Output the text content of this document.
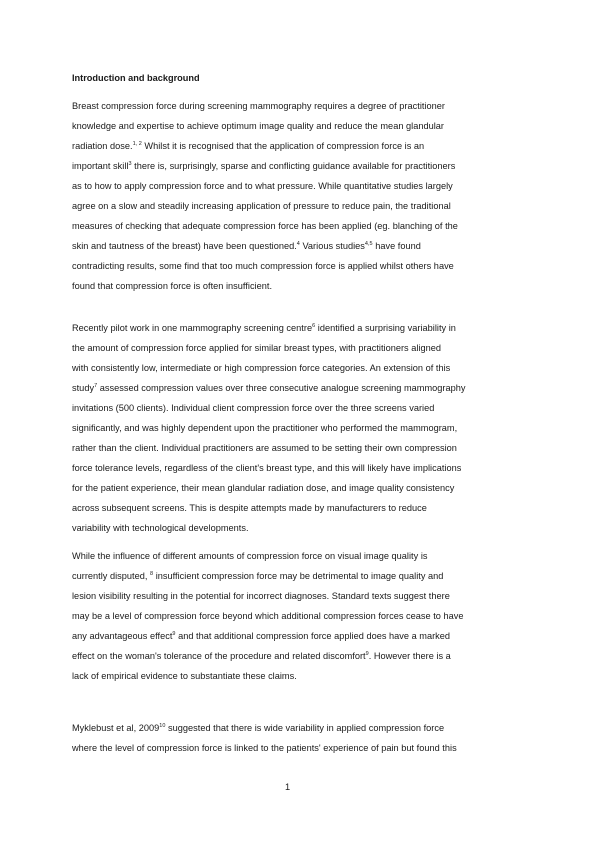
Introduction and background
Breast compression force during screening mammography requires a degree of practitioner
knowledge and expertise to achieve optimum image quality and reduce the mean glandular
radiation dose.$^{1, 2}$ Whilst it is recognised that the application of compression force is an
important skill$^3$ there is, surprisingly, sparse and conflicting guidance available for practitioners
as to how to apply compression force and to what pressure. While quantitative studies largely
agree on a slow and steadily increasing application of pressure to reduce pain, the traditional
measures of checking that adequate compression force has been applied (eg. blanching of the
skin and tautness of the breast) have been questioned.$^4$ Various studies$^{4,5}$ have found
contradicting results, some find that too much compression force is applied whilst others have
found that compression force is often insufficient.
Recently pilot work in one mammography screening centre$^6$ identified a surprising variability in
the amount of compression force applied for similar breast types, with practitioners aligned
with consistently low, intermediate or high compression force categories. An extension of this
study$^7$ assessed compression values over three consecutive analogue screening mammography
invitations (500 clients). Individual client compression force over the three screens varied
significantly, and was highly dependent upon the practitioner who performed the mammogram,
rather than the client. Individual practitioners are assumed to be setting their own compression
force tolerance levels, regardless of the client's breast type, and this will likely have implications
for the patient experience, their mean glandular radiation dose, and image quality consistency
across subsequent screens. This is despite attempts made by manufacturers to reduce
variability with technological developments.
While the influence of different amounts of compression force on visual image quality is
currently disputed, $^8$ insufficient compression force may be detrimental to image quality and
lesion visibility resulting in the potential for incorrect diagnoses. Standard texts suggest there
may be a level of compression force beyond which additional compression forces cease to have
any advantageous effect$^9$ and that additional compression force applied does have a marked
effect on the woman's tolerance of the procedure and related discomfort$^9$. However there is a
lack of empirical evidence to substantiate these claims.
Myklebust et al, 2009$^{10}$ suggested that there is wide variability in applied compression force
where the level of compression force is linked to the patients' experience of pain but found this
1
